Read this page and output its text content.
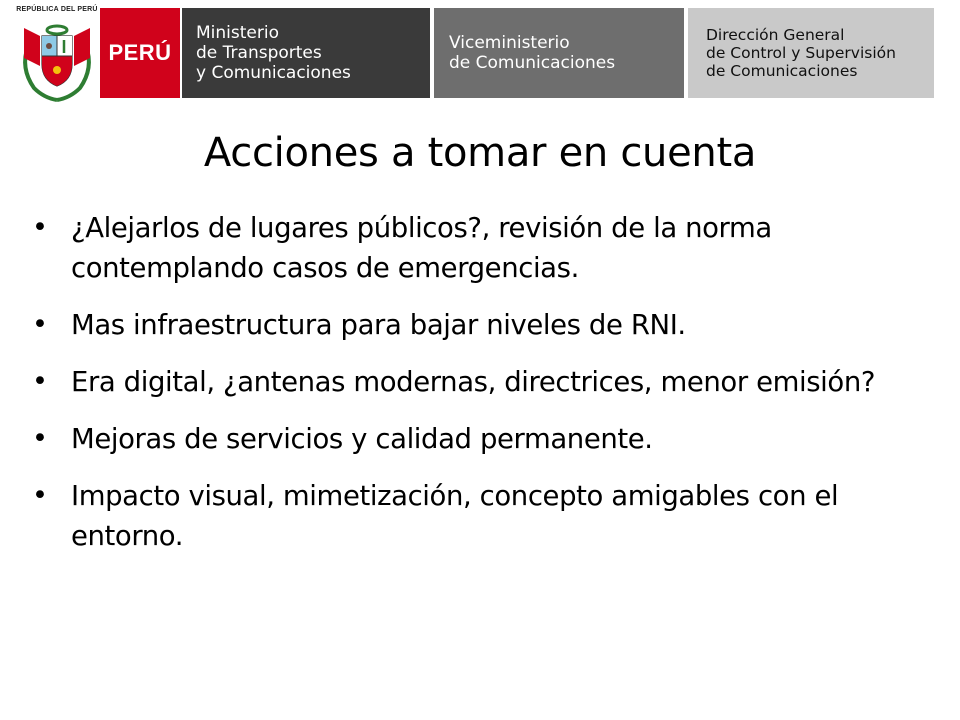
REPÚBLICA DEL PERÚ
PERÚ
Ministerio
de Transportes
y Comunicaciones
Viceministerio
de Comunicaciones
Dirección General
de Control y Supervisión
de Comunicaciones
Acciones a tomar en cuenta
• ¿Alejarlos de lugares públicos?, revisión de la norma contemplando casos de emergencias.
• Mas infraestructura para bajar niveles de RNI.
• Era digital, ¿antenas modernas, directrices, menor emisión?
• Mejoras de servicios y calidad permanente.
• Impacto visual, mimetización, concepto amigables con el entorno.
